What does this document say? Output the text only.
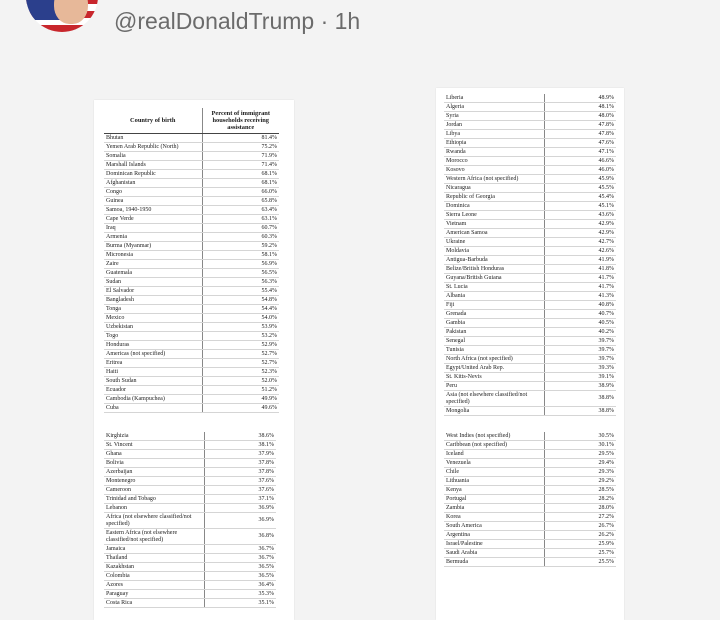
@realDonaldTrump · 1h
Country of birth	Percent of immigrant households receiving assistance
Bhutan	81.4%
Yemen Arab Republic (North)	75.2%
Somalia	71.9%
Marshall Islands	71.4%
Dominican Republic	68.1%
Afghanistan	68.1%
Congo	66.0%
Guinea	65.8%
Samoa, 1940-1950	63.4%
Cape Verde	63.1%
Iraq	60.7%
Armenia	60.3%
Burma (Myanmar)	59.2%
Micronesia	58.1%
Zaire	56.9%
Guatemala	56.5%
Sudan	56.3%
El Salvador	55.4%
Bangladesh	54.8%
Tonga	54.4%
Mexico	54.0%
Uzbekistan	53.9%
Togo	53.2%
Honduras	52.9%
Americas (not specified)	52.7%
Eritrea	52.7%
Haiti	52.3%
South Sudan	52.0%
Ecuador	51.2%
Cambodia (Kampuchea)	49.9%
Cuba	49.6%
Liberia	48.9%
Algeria	48.1%
Syria	48.0%
Jordan	47.8%
Libya	47.8%
Ethiopia	47.6%
Rwanda	47.1%
Morocco	46.6%
Kosovo	46.0%
Western Africa (not specified)	45.9%
Nicaragua	45.5%
Republic of Georgia	45.4%
Dominica	45.1%
Sierra Leone	43.6%
Vietnam	42.9%
American Samoa	42.9%
Ukraine	42.7%
Moldavia	42.6%
Antigua-Barbuda	41.9%
Belize/British Honduras	41.8%
Guyana/British Guiana	41.7%
St. Lucia	41.7%
Albania	41.3%
Fiji	40.8%
Grenada	40.7%
Gambia	40.5%
Pakistan	40.2%
Senegal	39.7%
Tunisia	39.7%
North Africa (not specified)	39.7%
Egypt/United Arab Rep.	39.3%
St. Kitts-Nevis	39.1%
Peru	38.9%
Asia (not elsewhere classified/not specified)	38.8%
Mongolia	38.8%
Kirghizia	38.6%
St. Vincent	38.1%
Ghana	37.9%
Bolivia	37.8%
Azerbaijan	37.8%
Montenegro	37.6%
Cameroon	37.6%
Trinidad and Tobago	37.1%
Lebanon	36.9%
Africa (not elsewhere classified/not specified)	36.9%
Eastern Africa (not elsewhere classified/not specified)	36.8%
Jamaica	36.7%
Thailand	36.7%
Kazakhstan	36.5%
Colombia	36.5%
Azores	36.4%
Paraguay	35.3%
Costa Rica	35.1%
West Indies (not specified)	30.5%
Caribbean (not specified)	30.1%
Iceland	29.5%
Venezuela	29.4%
Chile	29.3%
Lithuania	29.2%
Kenya	28.5%
Portugal	28.2%
Zambia	28.0%
Korea	27.2%
South America	26.7%
Argentina	26.2%
Israel/Palestine	25.9%
Saudi Arabia	25.7%
Bermuda	25.5%
